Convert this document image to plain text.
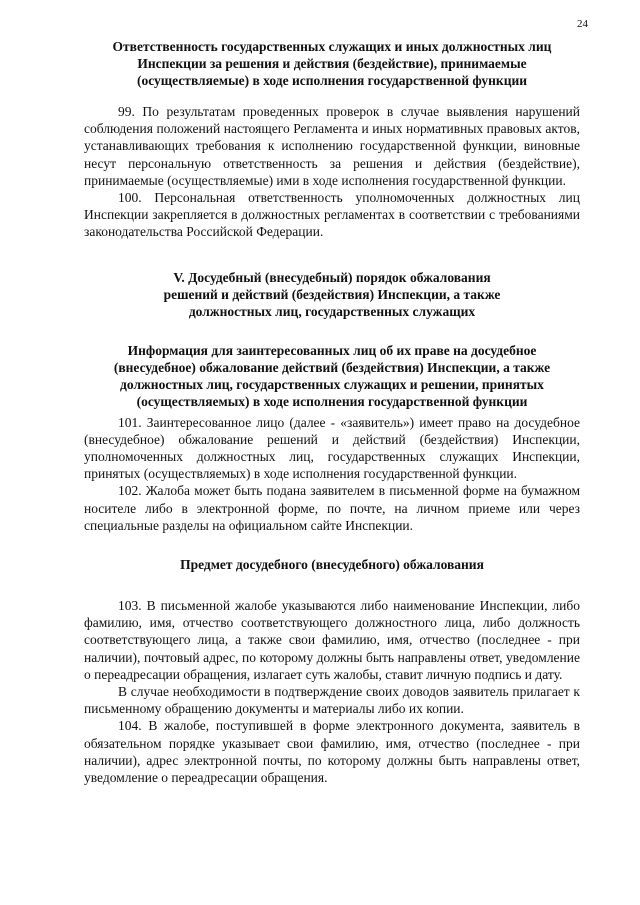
24
Ответственность государственных служащих и иных должностных лиц
Инспекции за решения и действия (бездействие), принимаемые
(осуществляемые) в ходе исполнения государственной функции

99. По результатам проведенных проверок в случае выявления нарушений соблюдения положений настоящего Регламента и иных нормативных правовых актов, устанавливающих требования к исполнению государственной функции, виновные несут персональную ответственность за решения и действия (бездействие), принимаемые (осуществляемые) ими в ходе исполнения государственной функции.

100. Персональная ответственность уполномоченных должностных лиц Инспекции закрепляется в должностных регламентах в соответствии с требованиями законодательства Российской Федерации.

V. Досудебный (внесудебный) порядок обжалования
решений и действий (бездействия) Инспекции, а также
должностных лиц, государственных служащих
Информация для заинтересованных лиц об их праве на досудебное
(внесудебное) обжалование действий (бездействия) Инспекции, а также
должностных лиц, государственных служащих и решении, принятых
(осуществляемых) в ходе исполнения государственной функции

101. Заинтересованное лицо (далее - «заявитель») имеет право на досудебное (внесудебное) обжалование решений и действий (бездействия) Инспекции, уполномоченных должностных лиц, государственных служащих Инспекции, принятых (осуществляемых) в ходе исполнения государственной функции.

102. Жалоба может быть подана заявителем в письменной форме на бумажном носителе либо в электронной форме, по почте, на личном приеме или через специальные разделы на официальном сайте Инспекции.

Предмет досудебного (внесудебного) обжалования

103. В письменной жалобе указываются либо наименование Инспекции, либо фамилию, имя, отчество соответствующего должностного лица, либо должность соответствующего лица, а также свои фамилию, имя, отчество (последнее - при наличии), почтовый адрес, по которому должны быть направлены ответ, уведомление о переадресации обращения, излагает суть жалобы, ставит личную подпись и дату.

В случае необходимости в подтверждение своих доводов заявитель прилагает к письменному обращению документы и материалы либо их копии.

104. В жалобе, поступившей в форме электронного документа, заявитель в обязательном порядке указывает свои фамилию, имя, отчество (последнее - при наличии), адрес электронной почты, по которому должны быть направлены ответ, уведомление о переадресации обращения.
